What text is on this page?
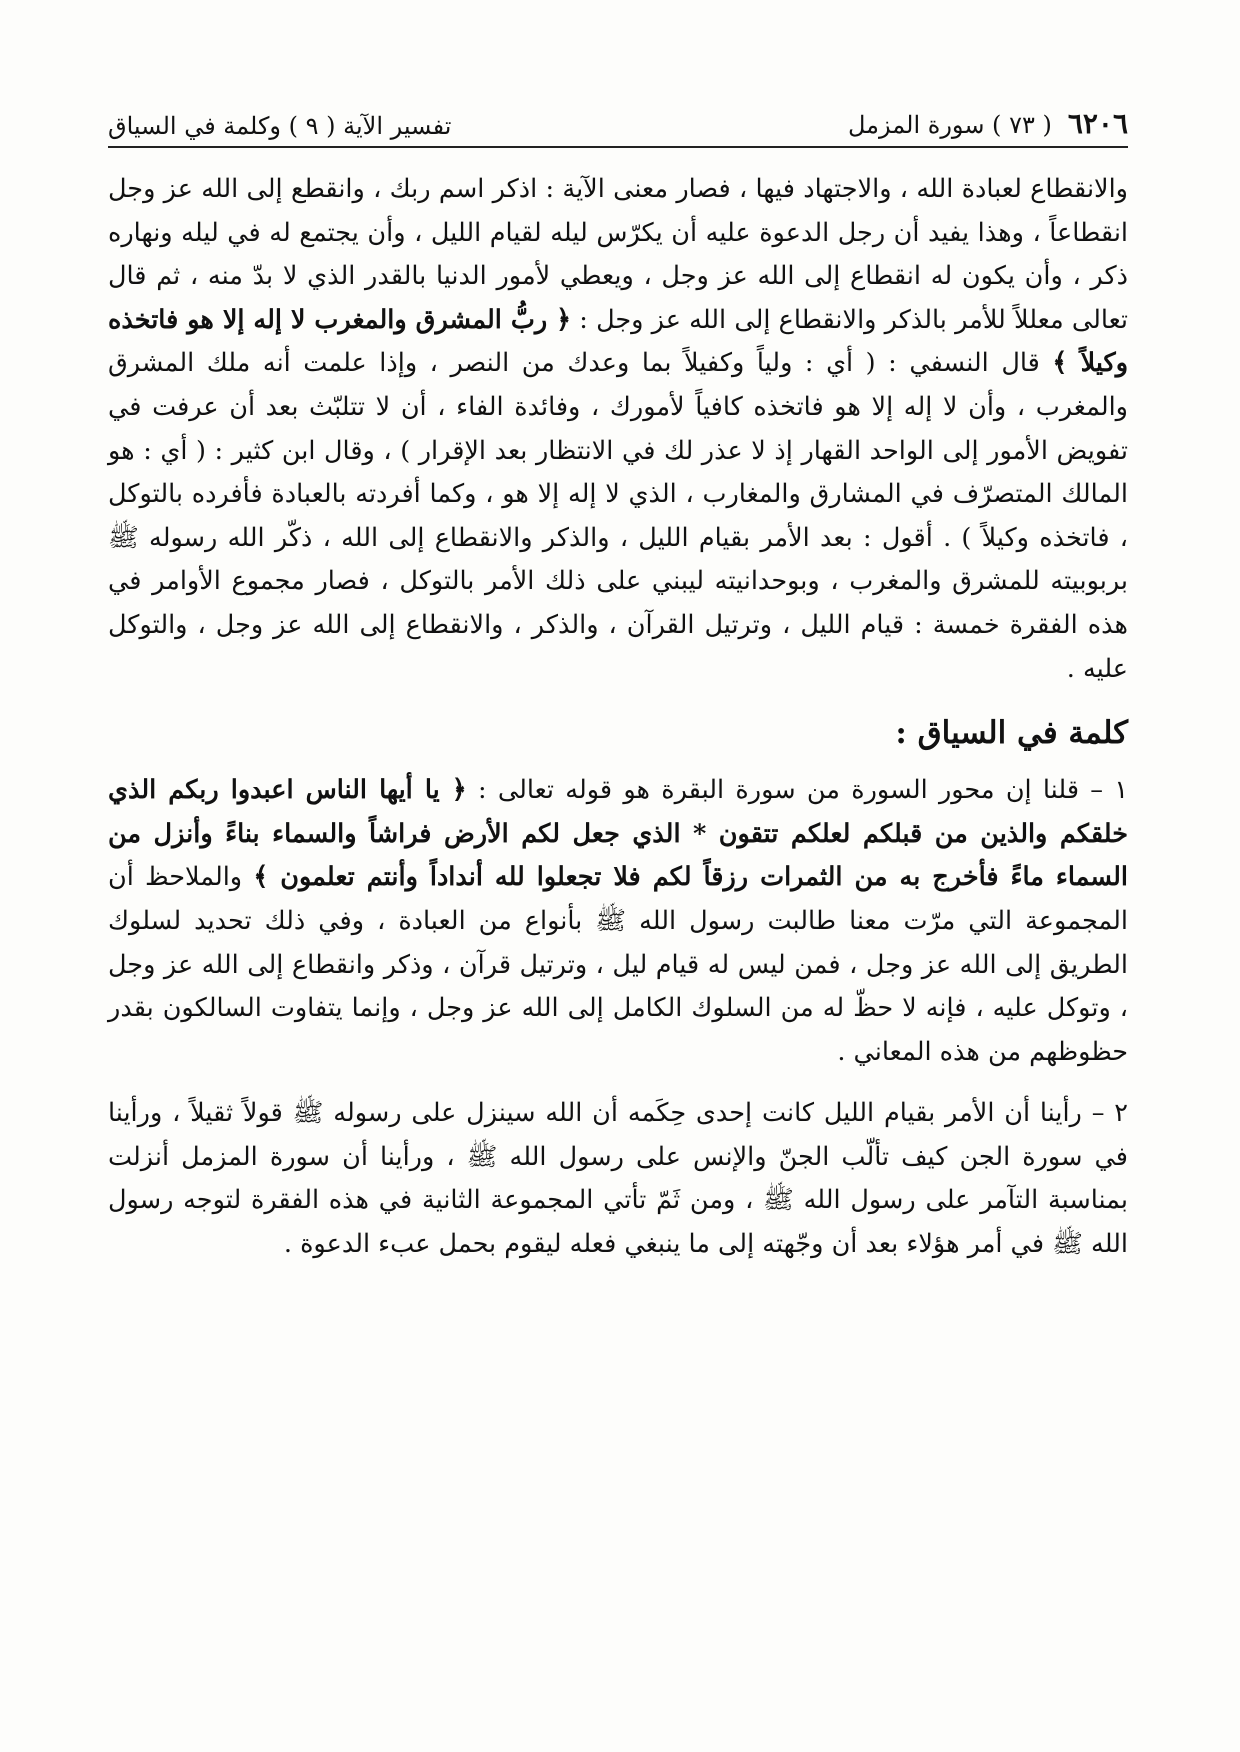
٦٢٠٦
( ٧٣ ) سورة المزمل
تفسير الآية ( ٩ ) وكلمة في السياق

والانقطاع لعبادة الله ، والاجتهاد فيها ، فصار معنى الآية : اذكر اسم ربك ، وانقطع إلى الله عز وجل انقطاعاً ، وهذا يفيد أن رجل الدعوة عليه أن يكرّس ليله لقيام الليل ، وأن يجتمع له في ليله ونهاره ذكر ، وأن يكون له انقطاع إلى الله عز وجل ، ويعطي لأمور الدنيا بالقدر الذي لا بدّ منه ، ثم قال تعالى معللاً للأمر بالذكر والانقطاع إلى الله عز وجل : ﴿ ربُّ المشرق والمغرب لا إله إلا هو فاتخذه وكيلاً ﴾ قال النسفي : ( أي : ولياً وكفيلاً بما وعدك من النصر ، وإذا علمت أنه ملك المشرق والمغرب ، وأن لا إله إلا هو فاتخذه كافياً لأمورك ، وفائدة الفاء ، أن لا تتلبّث بعد أن عرفت في تفويض الأمور إلى الواحد القهار إذ لا عذر لك في الانتظار بعد الإقرار ) ، وقال ابن كثير : ( أي : هو المالك المتصرّف في المشارق والمغارب ، الذي لا إله إلا هو ، وكما أفردته بالعبادة فأفرده بالتوكل ، فاتخذه وكيلاً ) . أقول : بعد الأمر بقيام الليل ، والذكر والانقطاع إلى الله ، ذكّر الله رسوله ﷺ بربوبيته للمشرق والمغرب ، وبوحدانيته ليبني على ذلك الأمر بالتوكل ، فصار مجموع الأوامر في هذه الفقرة خمسة : قيام الليل ، وترتيل القرآن ، والذكر ، والانقطاع إلى الله عز وجل ، والتوكل عليه .

كلمة في السياق :

١ – قلنا إن محور السورة من سورة البقرة هو قوله تعالى : ﴿ يا أيها الناس اعبدوا ربكم الذي خلقكم والذين من قبلكم لعلكم تتقون * الذي جعل لكم الأرض فراشاً والسماء بناءً وأنزل من السماء ماءً فأخرج به من الثمرات رزقاً لكم فلا تجعلوا لله أنداداً وأنتم تعلمون ﴾ والملاحظ أن المجموعة التي مرّت معنا طالبت رسول الله ﷺ بأنواع من العبادة ، وفي ذلك تحديد لسلوك الطريق إلى الله عز وجل ، فمن ليس له قيام ليل ، وترتيل قرآن ، وذكر وانقطاع إلى الله عز وجل ، وتوكل عليه ، فإنه لا حظّ له من السلوك الكامل إلى الله عز وجل ، وإنما يتفاوت السالكون بقدر حظوظهم من هذه المعاني .

٢ – رأينا أن الأمر بقيام الليل كانت إحدى حِكَمه أن الله سينزل على رسوله ﷺ قولاً ثقيلاً ، ورأينا في سورة الجن كيف تألّب الجنّ والإنس على رسول الله ﷺ ، ورأينا أن سورة المزمل أنزلت بمناسبة التآمر على رسول الله ﷺ ، ومن ثَمّ تأتي المجموعة الثانية في هذه الفقرة لتوجه رسول الله ﷺ في أمر هؤلاء بعد أن وجّهته إلى ما ينبغي فعله ليقوم بحمل عبء الدعوة .
